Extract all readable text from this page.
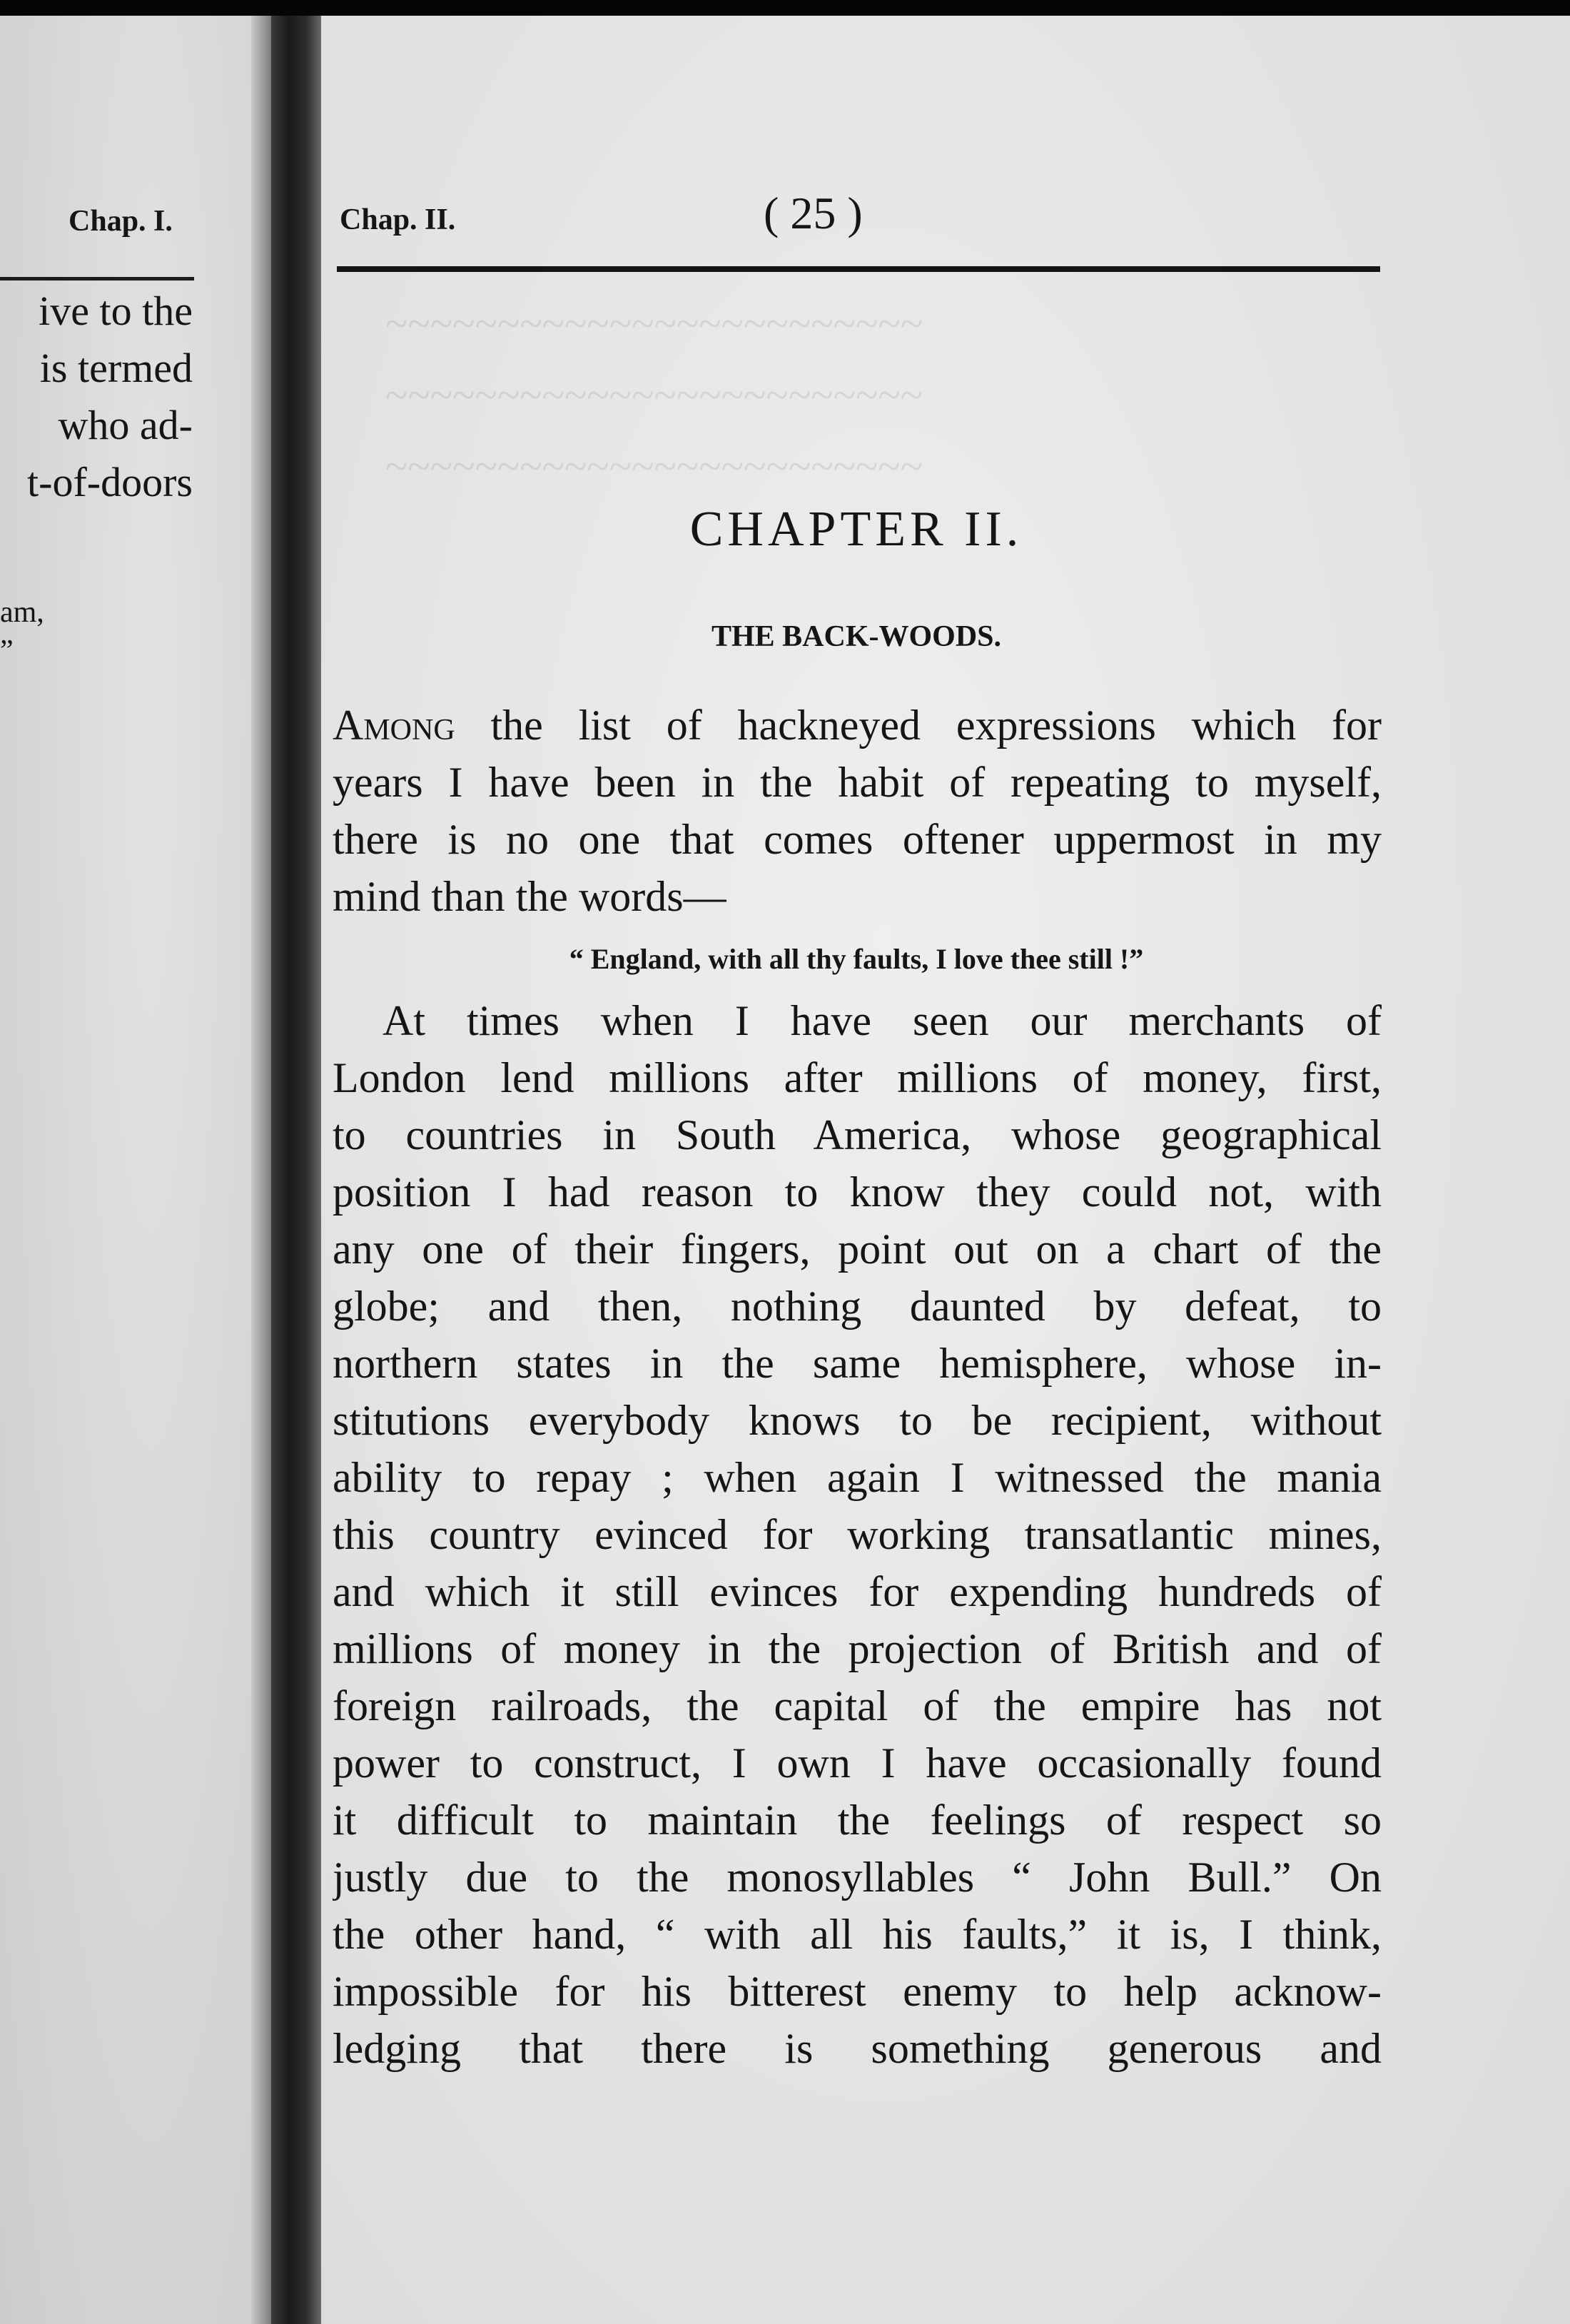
Chap. I.
ive to the
is termed
who ad-
t-of-doors
am,
”
~~~~~~~~~~~~~~~~~~~~~~~~
~~~~~~~~~~~~~~~~~~~~~~~~
~~~~~~~~~~~~~~~~~~~~~~~~
Chap. II.	( 25 )
CHAPTER II.
THE BACK-WOODS.
Among the list of hackneyed expressions which for
years I have been in the habit of repeating to myself,
there is no one that comes oftener uppermost in my
mind than the words—
“ England, with all thy faults, I love thee still !”
At times when I have seen our merchants of
London lend millions after millions of money, first,
to countries in South America, whose geographical
position I had reason to know they could not, with
any one of their fingers, point out on a chart of the
globe; and then, nothing daunted by defeat, to
northern states in the same hemisphere, whose in-
stitutions everybody knows to be recipient, without
ability to repay ; when again I witnessed the mania
this country evinced for working transatlantic mines,
and which it still evinces for expending hundreds of
millions of money in the projection of British and of
foreign railroads, the capital of the empire has not
power to construct, I own I have occasionally found
it difficult to maintain the feelings of respect so
justly due to the monosyllables “ John Bull.” On
the other hand, “ with all his faults,” it is, I think,
impossible for his bitterest enemy to help acknow-
ledging that there is something generous and
